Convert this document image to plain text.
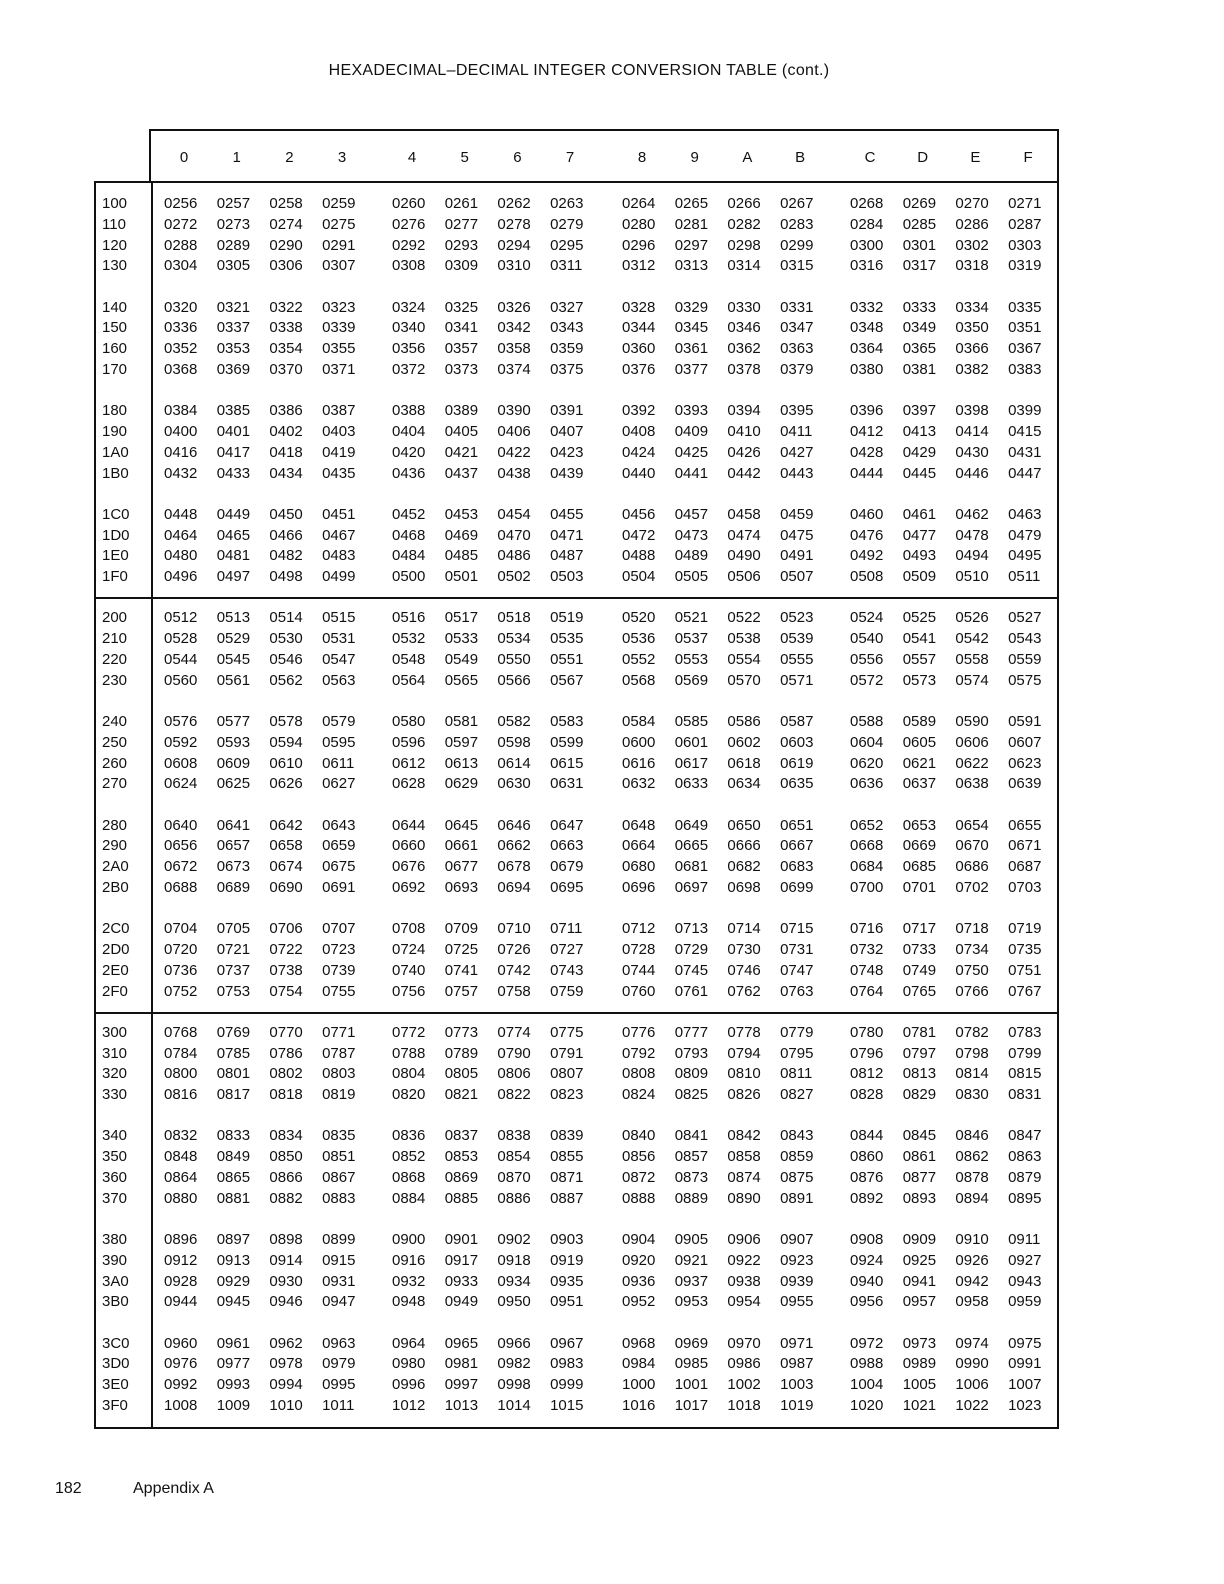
HEXADECIMAL–DECIMAL INTEGER CONVERSION TABLE (cont.)
0	1	2	3	4	5	6	7	8	9	A	B	C	D	E	F
100	0256	0257	0258	0259	0260	0261	0262	0263	0264	0265	0266	0267	0268	0269	0270	0271
110	0272	0273	0274	0275	0276	0277	0278	0279	0280	0281	0282	0283	0284	0285	0286	0287
120	0288	0289	0290	0291	0292	0293	0294	0295	0296	0297	0298	0299	0300	0301	0302	0303
130	0304	0305	0306	0307	0308	0309	0310	0311	0312	0313	0314	0315	0316	0317	0318	0319
140	0320	0321	0322	0323	0324	0325	0326	0327	0328	0329	0330	0331	0332	0333	0334	0335
150	0336	0337	0338	0339	0340	0341	0342	0343	0344	0345	0346	0347	0348	0349	0350	0351
160	0352	0353	0354	0355	0356	0357	0358	0359	0360	0361	0362	0363	0364	0365	0366	0367
170	0368	0369	0370	0371	0372	0373	0374	0375	0376	0377	0378	0379	0380	0381	0382	0383
180	0384	0385	0386	0387	0388	0389	0390	0391	0392	0393	0394	0395	0396	0397	0398	0399
190	0400	0401	0402	0403	0404	0405	0406	0407	0408	0409	0410	0411	0412	0413	0414	0415
1A0	0416	0417	0418	0419	0420	0421	0422	0423	0424	0425	0426	0427	0428	0429	0430	0431
1B0	0432	0433	0434	0435	0436	0437	0438	0439	0440	0441	0442	0443	0444	0445	0446	0447
1C0	0448	0449	0450	0451	0452	0453	0454	0455	0456	0457	0458	0459	0460	0461	0462	0463
1D0	0464	0465	0466	0467	0468	0469	0470	0471	0472	0473	0474	0475	0476	0477	0478	0479
1E0	0480	0481	0482	0483	0484	0485	0486	0487	0488	0489	0490	0491	0492	0493	0494	0495
1F0	0496	0497	0498	0499	0500	0501	0502	0503	0504	0505	0506	0507	0508	0509	0510	0511
200	0512	0513	0514	0515	0516	0517	0518	0519	0520	0521	0522	0523	0524	0525	0526	0527
210	0528	0529	0530	0531	0532	0533	0534	0535	0536	0537	0538	0539	0540	0541	0542	0543
220	0544	0545	0546	0547	0548	0549	0550	0551	0552	0553	0554	0555	0556	0557	0558	0559
230	0560	0561	0562	0563	0564	0565	0566	0567	0568	0569	0570	0571	0572	0573	0574	0575
240	0576	0577	0578	0579	0580	0581	0582	0583	0584	0585	0586	0587	0588	0589	0590	0591
250	0592	0593	0594	0595	0596	0597	0598	0599	0600	0601	0602	0603	0604	0605	0606	0607
260	0608	0609	0610	0611	0612	0613	0614	0615	0616	0617	0618	0619	0620	0621	0622	0623
270	0624	0625	0626	0627	0628	0629	0630	0631	0632	0633	0634	0635	0636	0637	0638	0639
280	0640	0641	0642	0643	0644	0645	0646	0647	0648	0649	0650	0651	0652	0653	0654	0655
290	0656	0657	0658	0659	0660	0661	0662	0663	0664	0665	0666	0667	0668	0669	0670	0671
2A0	0672	0673	0674	0675	0676	0677	0678	0679	0680	0681	0682	0683	0684	0685	0686	0687
2B0	0688	0689	0690	0691	0692	0693	0694	0695	0696	0697	0698	0699	0700	0701	0702	0703
2C0	0704	0705	0706	0707	0708	0709	0710	0711	0712	0713	0714	0715	0716	0717	0718	0719
2D0	0720	0721	0722	0723	0724	0725	0726	0727	0728	0729	0730	0731	0732	0733	0734	0735
2E0	0736	0737	0738	0739	0740	0741	0742	0743	0744	0745	0746	0747	0748	0749	0750	0751
2F0	0752	0753	0754	0755	0756	0757	0758	0759	0760	0761	0762	0763	0764	0765	0766	0767
300	0768	0769	0770	0771	0772	0773	0774	0775	0776	0777	0778	0779	0780	0781	0782	0783
310	0784	0785	0786	0787	0788	0789	0790	0791	0792	0793	0794	0795	0796	0797	0798	0799
320	0800	0801	0802	0803	0804	0805	0806	0807	0808	0809	0810	0811	0812	0813	0814	0815
330	0816	0817	0818	0819	0820	0821	0822	0823	0824	0825	0826	0827	0828	0829	0830	0831
340	0832	0833	0834	0835	0836	0837	0838	0839	0840	0841	0842	0843	0844	0845	0846	0847
350	0848	0849	0850	0851	0852	0853	0854	0855	0856	0857	0858	0859	0860	0861	0862	0863
360	0864	0865	0866	0867	0868	0869	0870	0871	0872	0873	0874	0875	0876	0877	0878	0879
370	0880	0881	0882	0883	0884	0885	0886	0887	0888	0889	0890	0891	0892	0893	0894	0895
380	0896	0897	0898	0899	0900	0901	0902	0903	0904	0905	0906	0907	0908	0909	0910	0911
390	0912	0913	0914	0915	0916	0917	0918	0919	0920	0921	0922	0923	0924	0925	0926	0927
3A0	0928	0929	0930	0931	0932	0933	0934	0935	0936	0937	0938	0939	0940	0941	0942	0943
3B0	0944	0945	0946	0947	0948	0949	0950	0951	0952	0953	0954	0955	0956	0957	0958	0959
3C0	0960	0961	0962	0963	0964	0965	0966	0967	0968	0969	0970	0971	0972	0973	0974	0975
3D0	0976	0977	0978	0979	0980	0981	0982	0983	0984	0985	0986	0987	0988	0989	0990	0991
3E0	0992	0993	0994	0995	0996	0997	0998	0999	1000	1001	1002	1003	1004	1005	1006	1007
3F0	1008	1009	1010	1011	1012	1013	1014	1015	1016	1017	1018	1019	1020	1021	1022	1023
182	Appendix A
